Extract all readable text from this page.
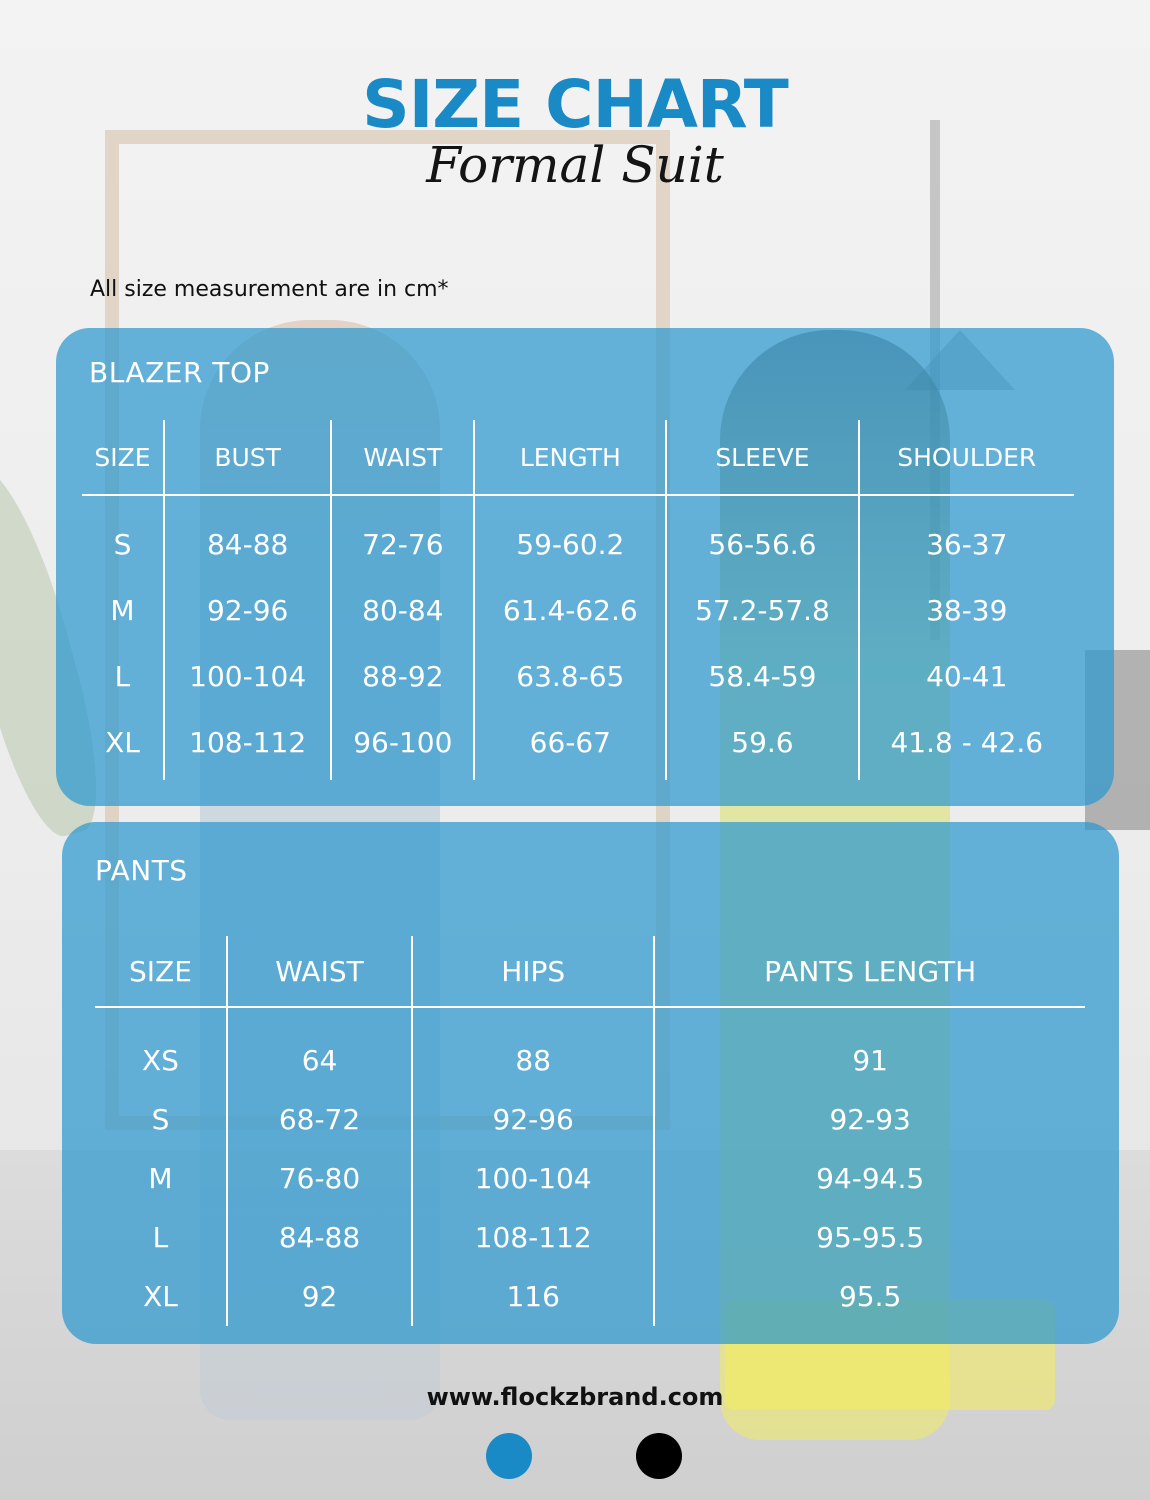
SIZE CHART
Formal Suit
All size measurement are in cm*
BLAZER TOP
SIZE	BUST	WAIST	LENGTH	SLEEVE	SHOULDER
S	84-88	72-76	59-60.2	56-56.6	36-37
M	92-96	80-84	61.4-62.6	57.2-57.8	38-39
L	100-104	88-92	63.8-65	58.4-59	40-41
XL	108-112	96-100	66-67	59.6	41.8 - 42.6
PANTS
SIZE	WAIST	HIPS	PANTS LENGTH
XS	64	88	91
S	68-72	92-96	92-93
M	76-80	100-104	94-94.5
L	84-88	108-112	95-95.5
XL	92	116	95.5
www.flockzbrand.com
